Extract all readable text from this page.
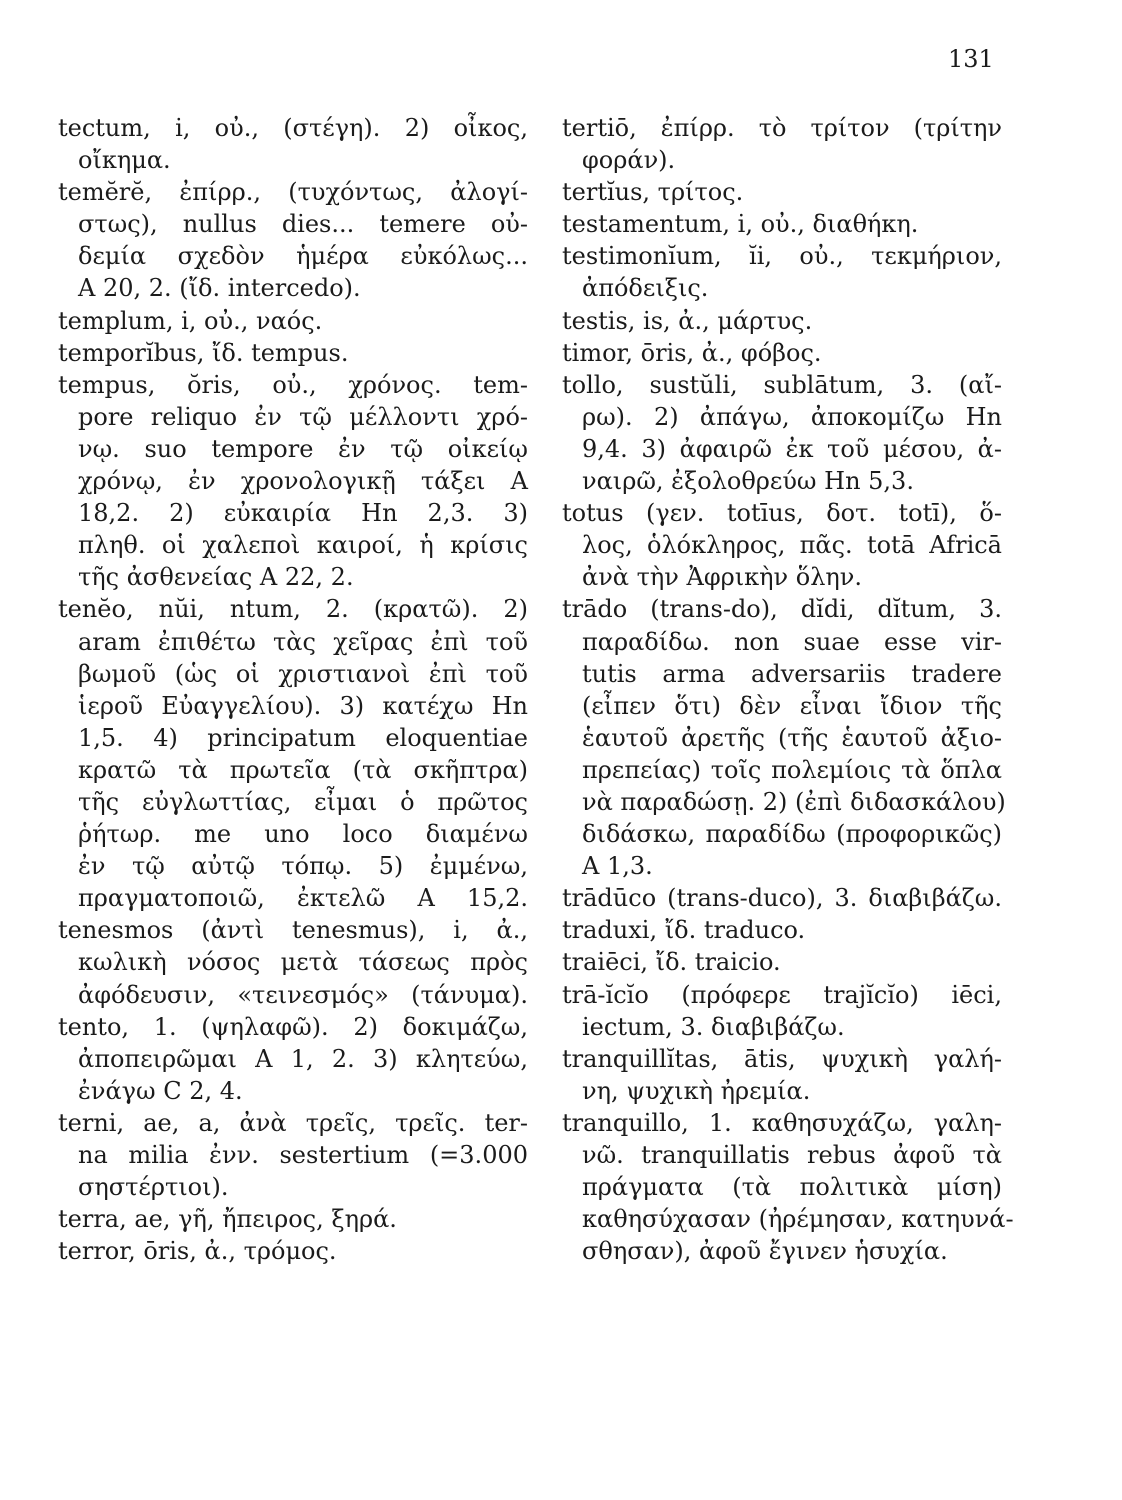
131
tectum, i, οὐ., (στέγη). 2) οἶκος,
οἴκημα.
temĕrĕ, ἐπίρρ., (τυχόντως, ἀλογί-
στως), nullus dies... temere οὐ-
δεμία σχεδὸν ἡμέρα εὐκόλως...
A 20, 2. (ἴδ. intercedo).
templum, i, οὐ., ναός.
temporĭbus, ἴδ. tempus.
tempus, ŏris, οὐ., χρόνος. tem-
pore reliquo ἐν τῷ μέλλοντι χρό-
νῳ. suo tempore ἐν τῷ οἰκείῳ
χρόνῳ, ἐν χρονολογικῇ τάξει A
18,2. 2) εὐκαιρία Hn 2,3. 3)
πληθ. οἱ χαλεποὶ καιροί, ἡ κρίσις
τῆς ἀσθενείας A 22, 2.
tenĕo, nŭi, ntum, 2. (κρατῶ). 2)
aram ἐπιθέτω τὰς χεῖρας ἐπὶ τοῦ
βωμοῦ (ὡς οἱ χριστιανοὶ ἐπὶ τοῦ
ἱεροῦ Εὐαγγελίου). 3) κατέχω Hn
1,5. 4) principatum eloquentiae
κρατῶ τὰ πρωτεῖα (τὰ σκῆπτρα)
τῆς εὐγλωττίας, εἶμαι ὁ πρῶτος
ῥήτωρ. me uno loco διαμένω
ἐν τῷ αὐτῷ τόπῳ. 5) ἐμμένω,
πραγματοποιῶ, ἐκτελῶ A 15,2.
tenesmos (ἀντὶ tenesmus), i, ἀ.,
κωλικὴ νόσος μετὰ τάσεως πρὸς
ἀφόδευσιν, «τεινεσμός» (τάνυμα).
tento, 1. (ψηλαφῶ). 2) δοκιμάζω,
ἀποπειρῶμαι A 1, 2. 3) κλητεύω,
ἐνάγω C 2, 4.
terni, ae, a, ἀνὰ τρεῖς, τρεῖς. ter-
na milia ἐνν. sestertium (=3.000
σηστέρτιοι).
terra, ae, γῆ, ἤπειρος, ξηρά.
terror, ōris, ἀ., τρόμος.
tertiō, ἐπίρρ. τὸ τρίτον (τρίτην
φοράν).
tertĭus, τρίτος.
testamentum, i, οὐ., διαθήκη.
testimonĭum, ĭi, οὐ., τεκμήριον,
ἀπόδειξις.
testis, is, ἀ., μάρτυς.
timor, ōris, ἀ., φόβος.
tollo, sustŭli, sublātum, 3. (αἴ-
ρω). 2) ἀπάγω, ἀποκομίζω Hn
9,4. 3) ἀφαιρῶ ἐκ τοῦ μέσου, ἀ-
ναιρῶ, ἐξολοθρεύω Hn 5,3.
totus (γεν. totīus, δοτ. totī), ὅ-
λος, ὁλόκληρος, πᾶς. totā Africā
ἀνὰ τὴν Ἀφρικὴν ὅλην.
trādo (trans-do), dĭdi, dĭtum, 3.
παραδίδω. non suae esse vir-
tutis arma adversariis tradere
(εἶπεν ὅτι) δὲν εἶναι ἴδιον τῆς
ἑαυτοῦ ἀρετῆς (τῆς ἑαυτοῦ ἀξιο-
πρεπείας) τοῖς πολεμίοις τὰ ὅπλα
νὰ παραδώσῃ. 2) (ἐπὶ διδασκάλου)
διδάσκω, παραδίδω (προφορικῶς)
A 1,3.
trādūco (trans-duco), 3. διαβιβάζω.
traduxi, ἴδ. traduco.
traiēci, ἴδ. traicio.
trā-ĭcĭo (πρόφερε trajĭcĭo) iēci,
iectum, 3. διαβιβάζω.
tranquillĭtas, ātis, ψυχικὴ γαλή-
νη, ψυχικὴ ἠρεμία.
tranquillo, 1. καθησυχάζω, γαλη-
νῶ. tranquillatis rebus ἀφοῦ τὰ
πράγματα (τὰ πολιτικὰ μίση)
καθησύχασαν (ἠρέμησαν, κατηυνά-
σθησαν), ἀφοῦ ἔγινεν ἡσυχία.
